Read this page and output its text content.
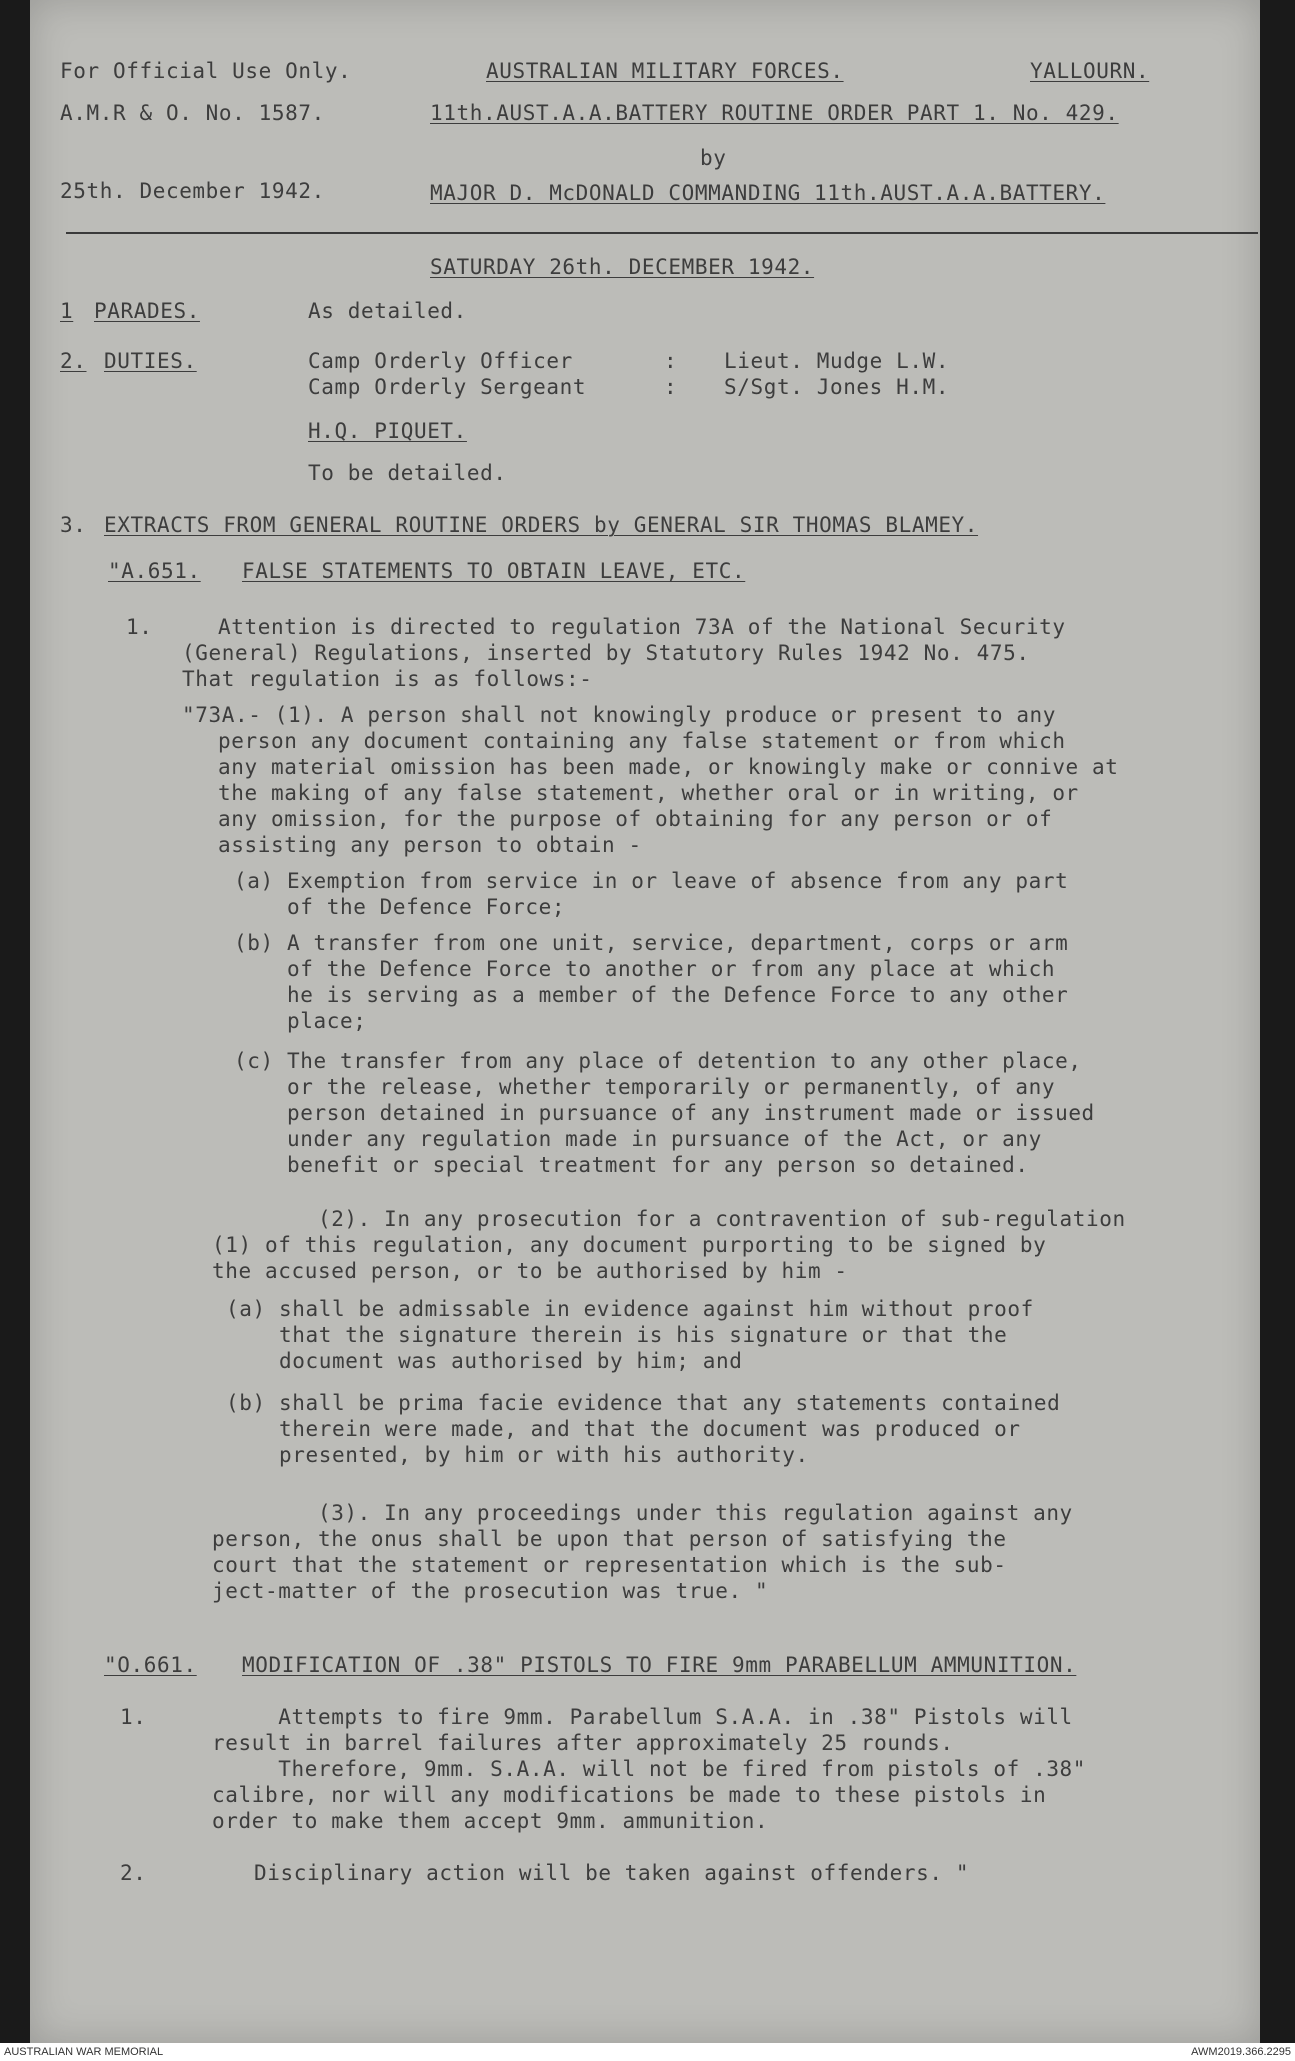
For Official Use Only.	AUSTRALIAN MILITARY FORCES.	YALLOURN.

A.M.R & O. No. 1587.	11th.AUST.A.A.BATTERY ROUTINE ORDER PART 1. No. 429.

by

25th. December 1942.	MAJOR D. McDONALD COMMANDING 11th.AUST.A.A.BATTERY.

SATURDAY 26th. DECEMBER 1942.

1 PARADES.	As detailed.

2. DUTIES.	Camp Orderly Officer	: Lieut. Mudge L.W.

Camp Orderly Sergeant	: S/Sgt. Jones H.M.

H.Q. PIQUET.

To be detailed.

3. EXTRACTS FROM GENERAL ROUTINE ORDERS by GENERAL SIR THOMAS BLAMEY.

"A.651. FALSE STATEMENTS TO OBTAIN LEAVE, ETC.

1.	Attention is directed to regulation 73A of the National Security

(General) Regulations, inserted by Statutory Rules 1942 No. 475.

That regulation is as follows:-

"73A.- (1). A person shall not knowingly produce or present to any

person any document containing any false statement or from which

any material omission has been made, or knowingly make or connive at

the making of any false statement, whether oral or in writing, or

any omission, for the purpose of obtaining for any person or of

assisting any person to obtain -

(a) Exemption from service in or leave of absence from any part

of the Defence Force;

(b) A transfer from one unit, service, department, corps or arm

of the Defence Force to another or from any place at which

he is serving as a member of the Defence Force to any other

place;

(c) The transfer from any place of detention to any other place,

or the release, whether temporarily or permanently, of any

person detained in pursuance of any instrument made or issued

under any regulation made in pursuance of the Act, or any

benefit or special treatment for any person so detained.

(2). In any prosecution for a contravention of sub-regulation

(1) of this regulation, any document purporting to be signed by

the accused person, or to be authorised by him -

(a) shall be admissable in evidence against him without proof

that the signature therein is his signature or that the

document was authorised by him; and

(b) shall be prima facie evidence that any statements contained

therein were made, and that the document was produced or

presented, by him or with his authority.

(3). In any proceedings under this regulation against any

person, the onus shall be upon that person of satisfying the

court that the statement or representation which is the sub-

ject-matter of the prosecution was true. "

"O.661. MODIFICATION OF .38" PISTOLS TO FIRE 9mm PARABELLUM AMMUNITION.

1.	Attempts to fire 9mm. Parabellum S.A.A. in .38" Pistols will

result in barrel failures after approximately 25 rounds.

Therefore, 9mm. S.A.A. will not be fired from pistols of .38"

calibre, nor will any modifications be made to these pistols in

order to make them accept 9mm. ammunition.

2.	Disciplinary action will be taken against offenders. "

AUSTRALIAN WAR MEMORIAL	AWM2019.366.2295
